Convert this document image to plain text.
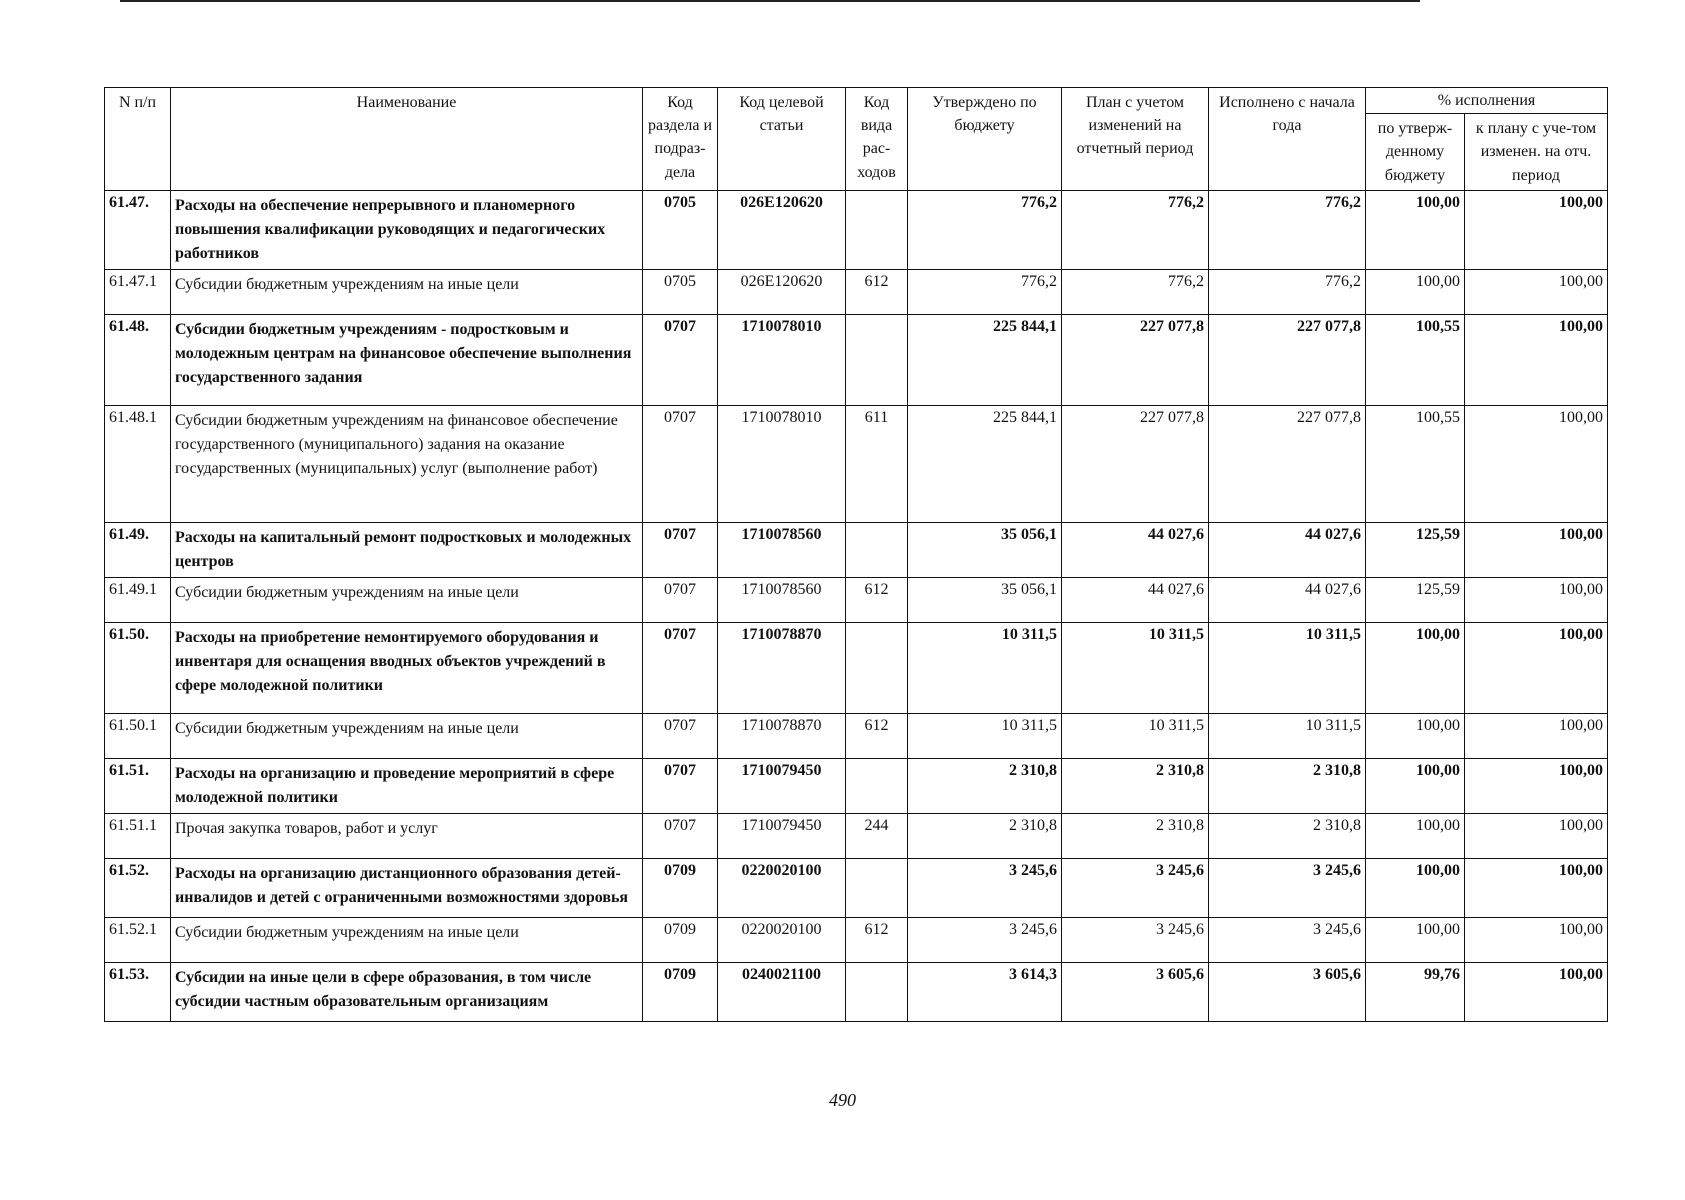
N п/п	Наименование	Код раздела и подраз-дела	Код целевой статьи	Код вида рас-ходов	Утверждено по бюджету	План с учетом изменений на отчетный период	Исполнено с начала года	% исполнения	
								по утверж-денному бюджету	к плану с уче-том изменен. на отч. период
61.47.	Расходы на обеспечение непрерывного и планомерного повышения квалификации руководящих и педагогических работников	0705	026E120620		776,2	776,2	776,2	100,00	100,00
61.47.1	Субсидии бюджетным учреждениям на иные цели	0705	026E120620	612	776,2	776,2	776,2	100,00	100,00
61.48.	Субсидии бюджетным учреждениям - подростковым и молодежным центрам на финансовое обеспечение выполнения государственного задания	0707	1710078010		225 844,1	227 077,8	227 077,8	100,55	100,00
61.48.1	Субсидии бюджетным учреждениям на финансовое обеспечение государственного (муниципального) задания на оказание государственных (муниципальных) услуг (выполнение работ)	0707	1710078010	611	225 844,1	227 077,8	227 077,8	100,55	100,00
61.49.	Расходы на капитальный ремонт подростковых и молодежных центров	0707	1710078560		35 056,1	44 027,6	44 027,6	125,59	100,00
61.49.1	Субсидии бюджетным учреждениям на иные цели	0707	1710078560	612	35 056,1	44 027,6	44 027,6	125,59	100,00
61.50.	Расходы на приобретение немонтируемого оборудования и инвентаря для оснащения вводных объектов учреждений в сфере молодежной политики	0707	1710078870		10 311,5	10 311,5	10 311,5	100,00	100,00
61.50.1	Субсидии бюджетным учреждениям на иные цели	0707	1710078870	612	10 311,5	10 311,5	10 311,5	100,00	100,00
61.51.	Расходы на организацию и проведение мероприятий в сфере молодежной политики	0707	1710079450		2 310,8	2 310,8	2 310,8	100,00	100,00
61.51.1	Прочая закупка товаров, работ и услуг	0707	1710079450	244	2 310,8	2 310,8	2 310,8	100,00	100,00
61.52.	Расходы на организацию дистанционного образования детей-инвалидов и детей с ограниченными возможностями здоровья	0709	0220020100		3 245,6	3 245,6	3 245,6	100,00	100,00
61.52.1	Субсидии бюджетным учреждениям на иные цели	0709	0220020100	612	3 245,6	3 245,6	3 245,6	100,00	100,00
61.53.	Субсидии на иные цели в сфере образования, в том числе субсидии частным образовательным организациям	0709	0240021100		3 614,3	3 605,6	3 605,6	99,76	100,00
490
